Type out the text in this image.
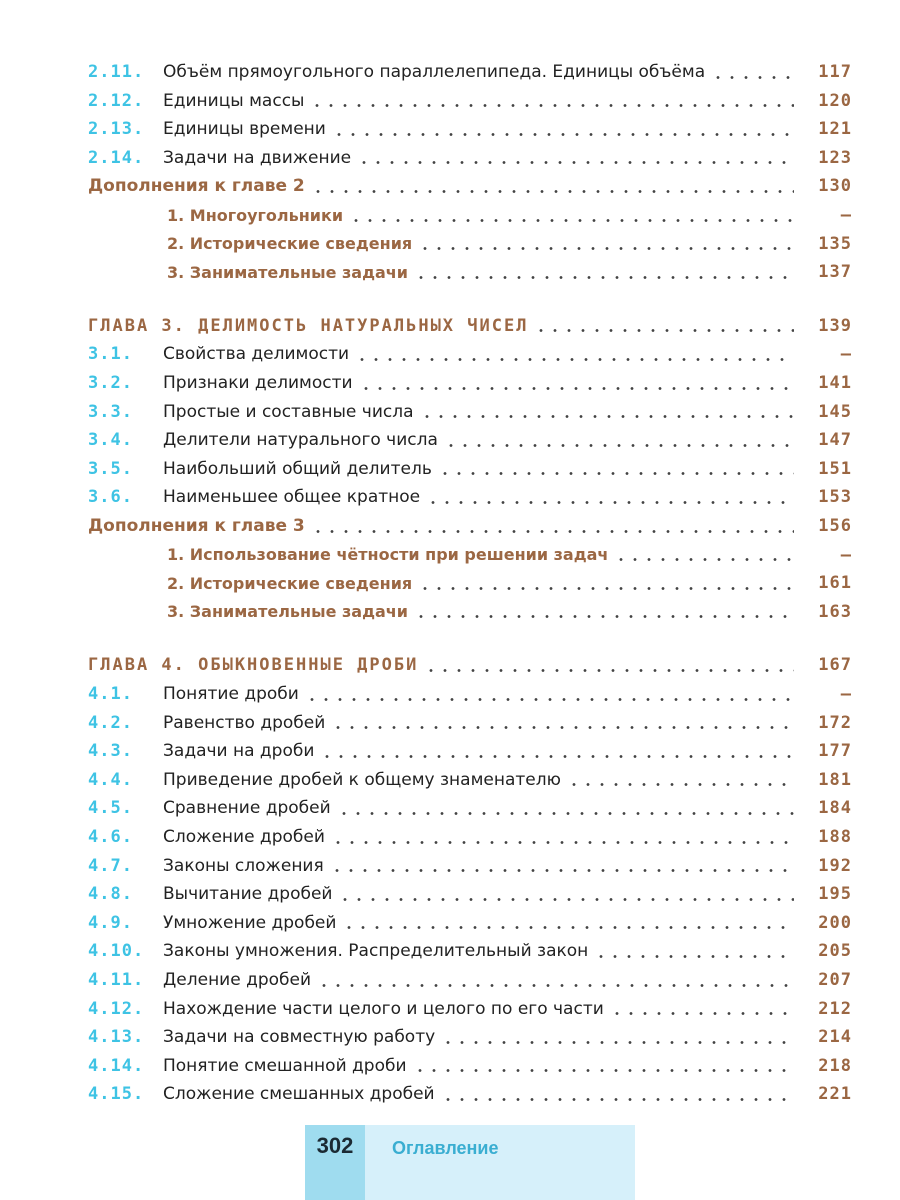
2.11. Объём прямоугольного параллелепипеда. Единицы объёма	117
2.12. Единицы массы	120
2.13. Единицы времени	121
2.14. Задачи на движение	123
Дополнения к главе 2	130
1. Многоугольники	—
2. Исторические сведения	135
3. Занимательные задачи	137
ГЛАВА 3. ДЕЛИМОСТЬ НАТУРАЛЬНЫХ ЧИСЕЛ	139
3.1. Свойства делимости	—
3.2. Признаки делимости	141
3.3. Простые и составные числа	145
3.4. Делители натурального числа	147
3.5. Наибольший общий делитель	151
3.6. Наименьшее общее кратное	153
Дополнения к главе 3	156
1. Использование чётности при решении задач	—
2. Исторические сведения	161
3. Занимательные задачи	163
ГЛАВА 4. ОБЫКНОВЕННЫЕ ДРОБИ	167
4.1. Понятие дроби	—
4.2. Равенство дробей	172
4.3. Задачи на дроби	177
4.4. Приведение дробей к общему знаменателю	181
4.5. Сравнение дробей	184
4.6. Сложение дробей	188
4.7. Законы сложения	192
4.8. Вычитание дробей	195
4.9. Умножение дробей	200
4.10. Законы умножения. Распределительный закон	205
4.11. Деление дробей	207
4.12. Нахождение части целого и целого по его части	212
4.13. Задачи на совместную работу	214
4.14. Понятие смешанной дроби	218
4.15. Сложение смешанных дробей	221
302	Оглавление
